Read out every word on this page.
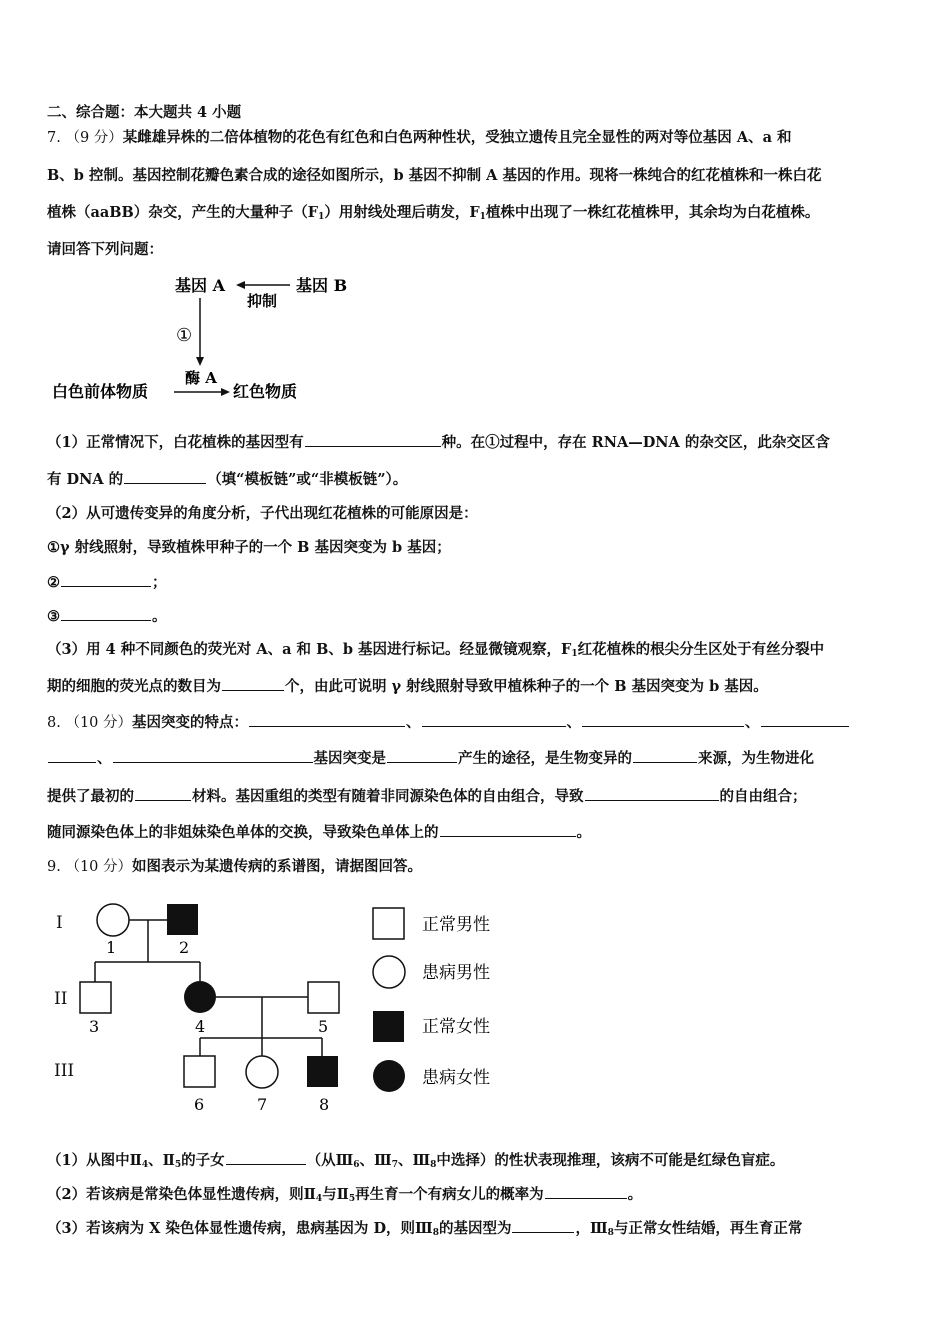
二、综合题：本大题共 4 小题
7. （9 分）某雌雄异株的二倍体植物的花色有红色和白色两种性状，受独立遗传且完全显性的两对等位基因 A、a 和
B、b 控制。基因控制花瓣色素合成的途径如图所示，b 基因不抑制 A 基因的作用。现将一株纯合的红花植株和一株白花
植株（aaBB）杂交，产生的大量种子$(F_1)$用射线处理后萌发，$F_1$植株中出现了一株红花植株甲，其余均为白花植株。
请回答下列问题：
基因 A	基因 B
抑制
①
酶 A
白色前体物质	红色物质
（1）正常情况下，白花植株的基因型有	种。在①过程中，存在 RNA—DNA 的杂交区，此杂交区含
有 DNA 的	（填“模板链”或“非模板链”）。
（2）从可遗传变异的角度分析，子代出现红花植株的可能原因是：
①γ 射线照射，导致植株甲种子的一个 B 基因突变为 b 基因；
②	；
③	。
（3）用 4 种不同颜色的荧光对 A、a 和 B、b 基因进行标记。经显微镜观察，$F_1$红花植株的根尖分生区处于有丝分裂中
期的细胞的荧光点的数目为	个，由此可说明 γ 射线照射导致甲植株种子的一个 B 基因突变为 b 基因。
8. （10 分）基因突变的特点：	、	、	、
、	基因突变是	产生的途径，是生物变异的	来源，为生物进化
提供了最初的	材料。基因重组的类型有随着非同源染色体的自由组合，导致	的自由组合；
随同源染色体上的非姐妹染色单体的交换，导致染色单体上的	。
9. （10 分）如图表示为某遗传病的系谱图，请据图回答。
I
II
III
1	2
3	4	5
6	7	8
正常男性
患病男性
正常女性
患病女性
（1）从图中$Ⅱ_4$、$Ⅱ_5$的子女	（从$Ⅲ_6$、$Ⅲ_7$、$Ⅲ_8$中选择）的性状表现推理，该病不可能是红绿色盲症。
（2）若该病是常染色体显性遗传病，则$Ⅱ_4$与$Ⅱ_5$再生育一个有病女儿的概率为	。
（3）若该病为 X 染色体显性遗传病，患病基因为 D，则$Ⅲ_8$的基因型为	，$Ⅲ_8$与正常女性结婚，再生育正常
